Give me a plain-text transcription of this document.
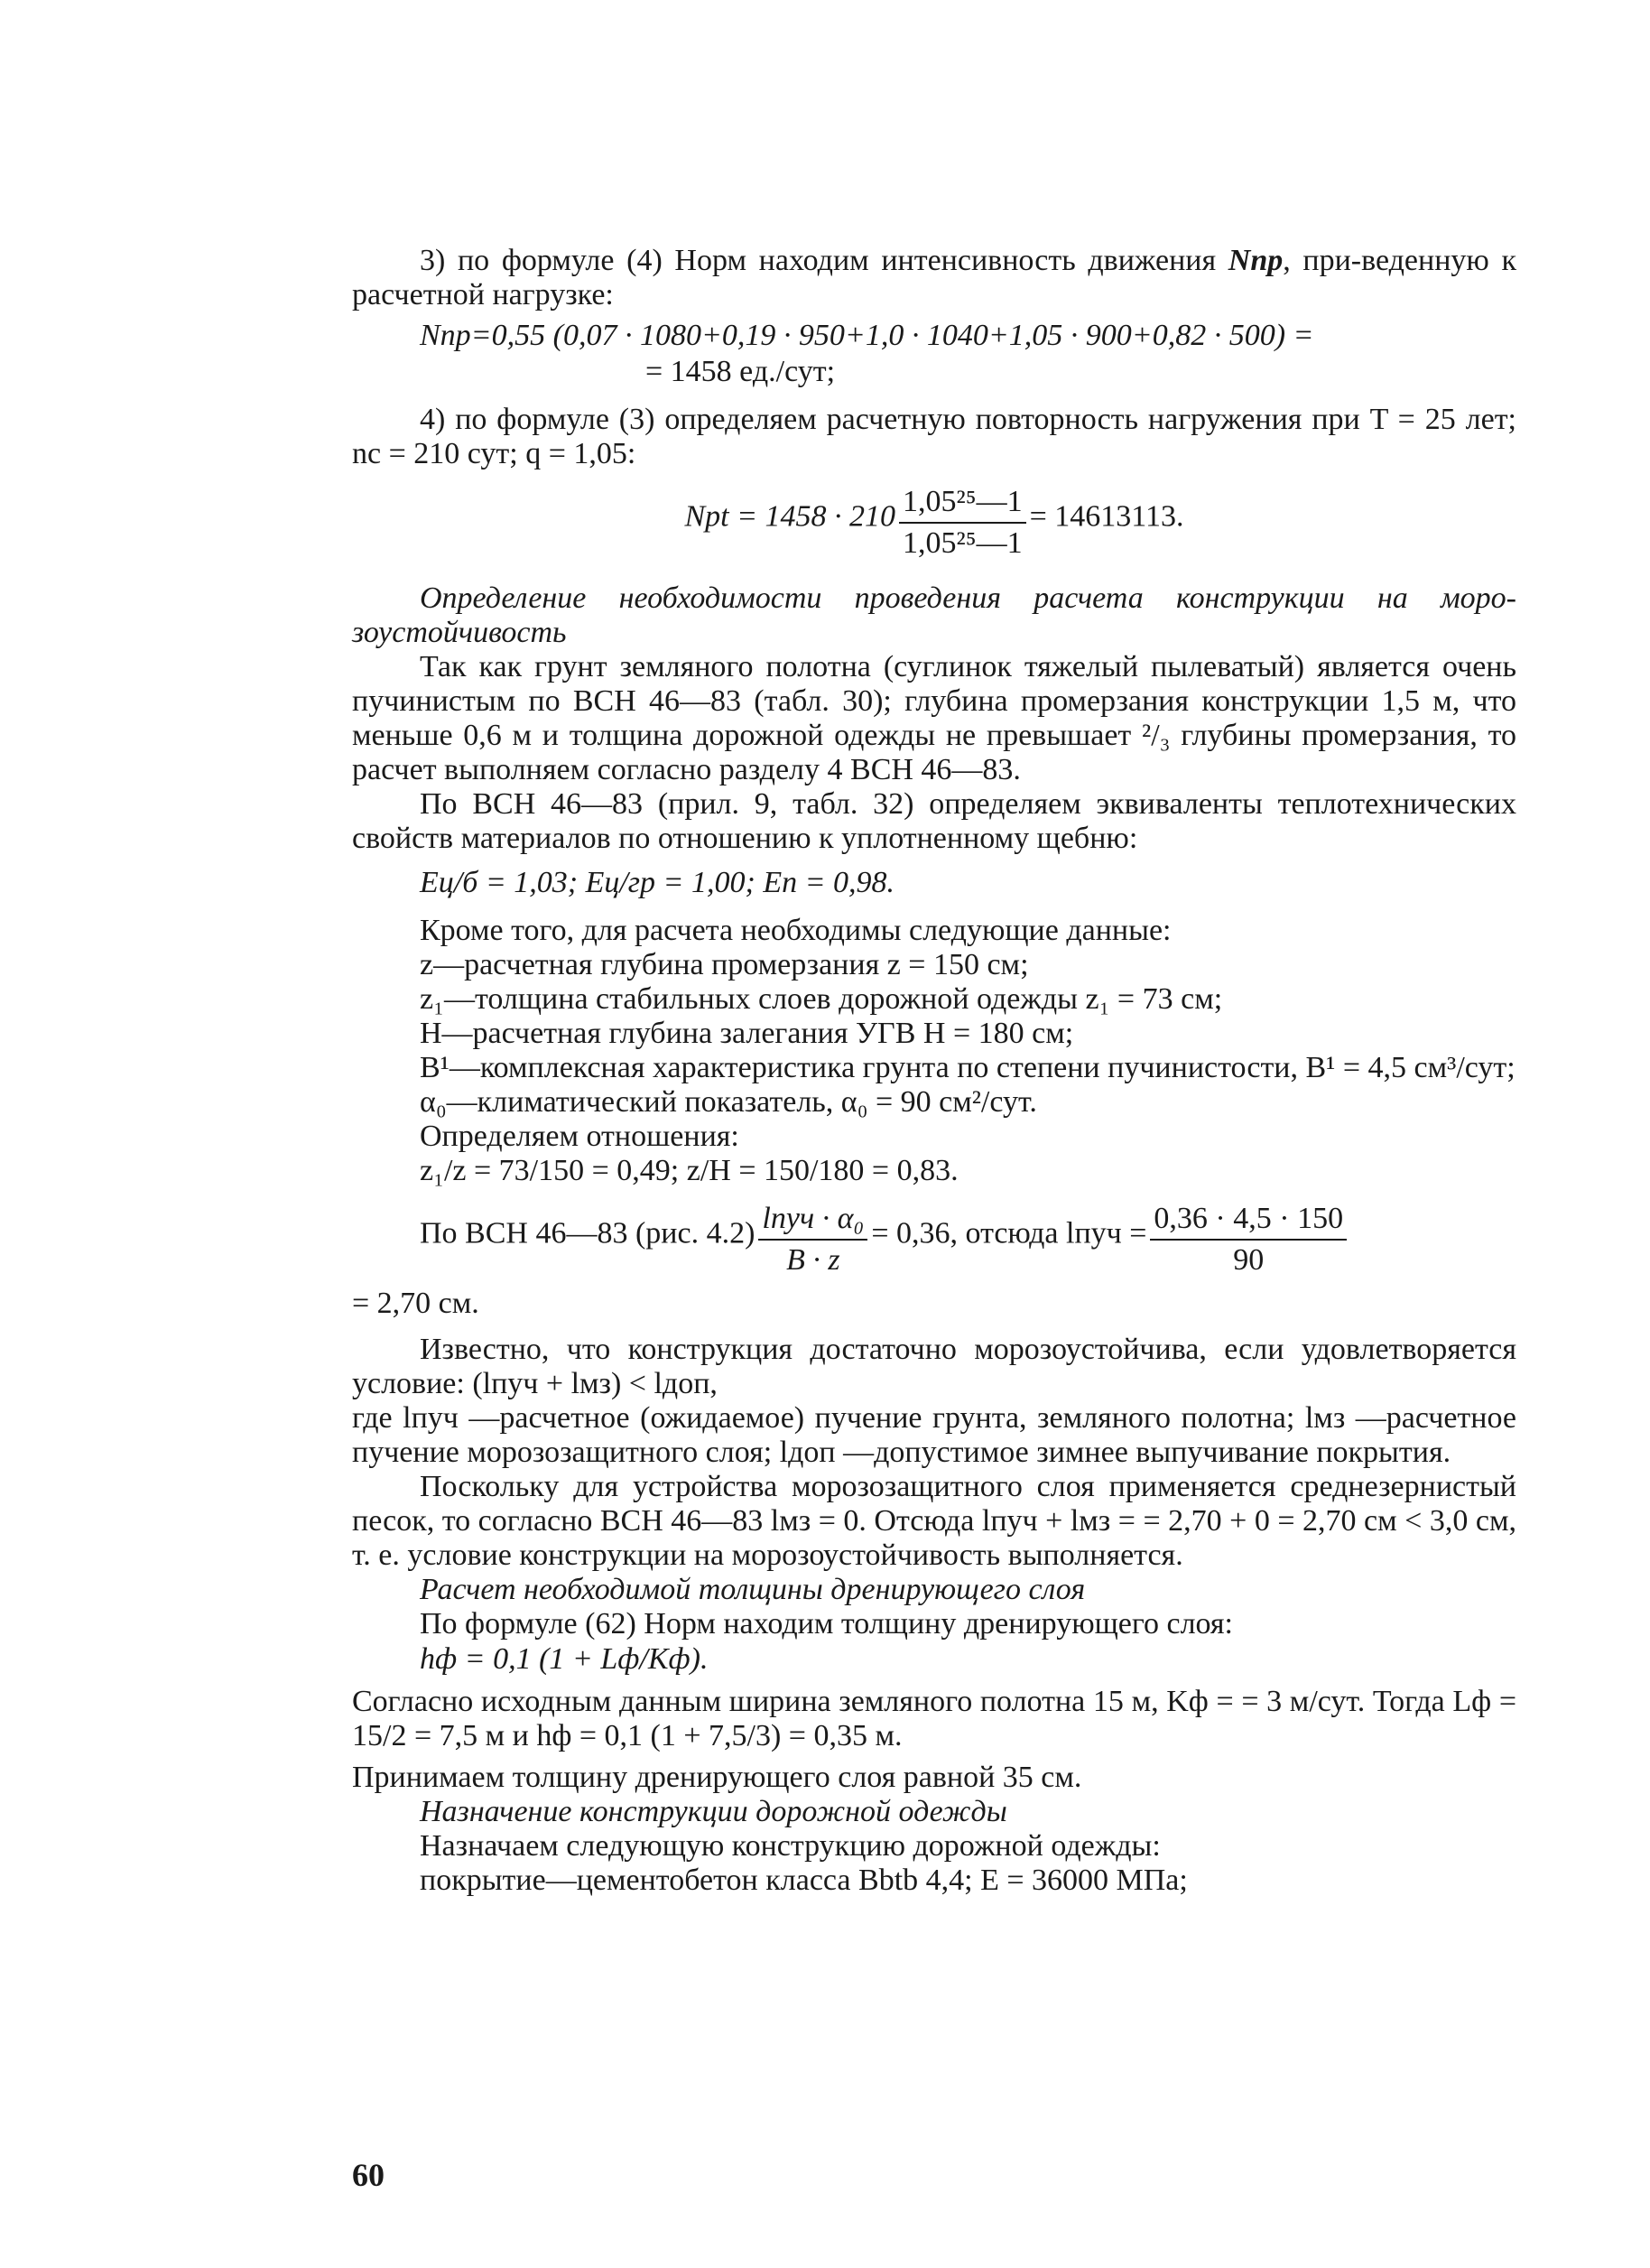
3) по формуле (4) Норм находим интенсивность движения Nпр, при-веденную к расчетной нагрузке:

Nпр=0,55 (0,07 · 1080+0,19 · 950+1,0 · 1040+1,05 · 900+0,82 · 500) =

= 1458 ед./сут;

4) по формуле (3) определяем расчетную повторность нагружения при T = 25 лет; nc = 210 сут; q = 1,05:

Npt = $1458 \cdot 210 \frac{\text{1,05²⁵—1}}{\text{1,05²⁵—1}} = 14613113$.

Определение необходимости проведения расчета конструкции на моро-зоустойчивость

Так как грунт земляного полотна (суглинок тяжелый пылеватый) является очень пучинистым по ВСН 46—83 (табл. 30); глубина промерзания конструкции 1,5 м, что меньше 0,6 м и толщина дорожной одежды не превышает ²/₃ глубины промерзания, то расчет выполняем согласно разделу 4 ВСН 46—83.

По ВСН 46—83 (прил. 9, табл. 32) определяем эквиваленты теплотехнических свойств материалов по отношению к уплотненному щебню:

Eц/б = 1,03; Eц/гр = 1,00; Eп = 0,98.

Кроме того, для расчета необходимы следующие данные:

z—расчетная глубина промерзания z = 150 см;

z₁—толщина стабильных слоев дорожной одежды z₁ = 73 см;

H—расчетная глубина залегания УГВ H = 180 см;

B¹—комплексная характеристика грунта по степени пучинистости, B¹ = 4,5 см³/сут;

α₀—климатический показатель, α₀ = 90 см²/сут.

Определяем отношения:

z₁/z = 73/150 = 0,49; z/H = 150/180 = 0,83.

По ВСН 46—83 (рис. $4.2) \frac{\text{lпуч · α₀}}{B \cdot z} = 0,36$, отсюда lпуч = $\frac{0,36 \cdot 4,5 \cdot 150}{90}$

= 2,70 см.

Известно, что конструкция достаточно морозоустойчива, если удовлетворяется условие: (lпуч + lмз) < lдоп,

где lпуч —расчетное (ожидаемое) пучение грунта, земляного полотна; lмз —расчетное пучение морозозащитного слоя; lдоп —допустимое зимнее выпучивание покрытия.

Поскольку для устройства морозозащитного слоя применяется среднезернистый песок, то согласно ВСН 46—83 lмз = 0. Отсюда lпуч + lмз = = 2,70 + 0 = 2,70 см < 3,0 см, т. е. условие конструкции на морозоустойчивость выполняется.

Расчет необходимой толщины дренирующего слоя

По формуле (62) Норм находим толщину дренирующего слоя:

hф = 0,1 (1 + Lф/Kф).

Согласно исходным данным ширина земляного полотна 15 м, Kф = = 3 м/сут. Тогда Lф = 15/2 = 7,5 м и hф = 0,1 (1 + 7,5/3) = 0,35 м.

Принимаем толщину дренирующего слоя равной 35 см.

Назначение конструкции дорожной одежды

Назначаем следующую конструкцию дорожной одежды:

покрытие—цементобетон класса Bbtb 4,4; E = 36000 МПа;

60
